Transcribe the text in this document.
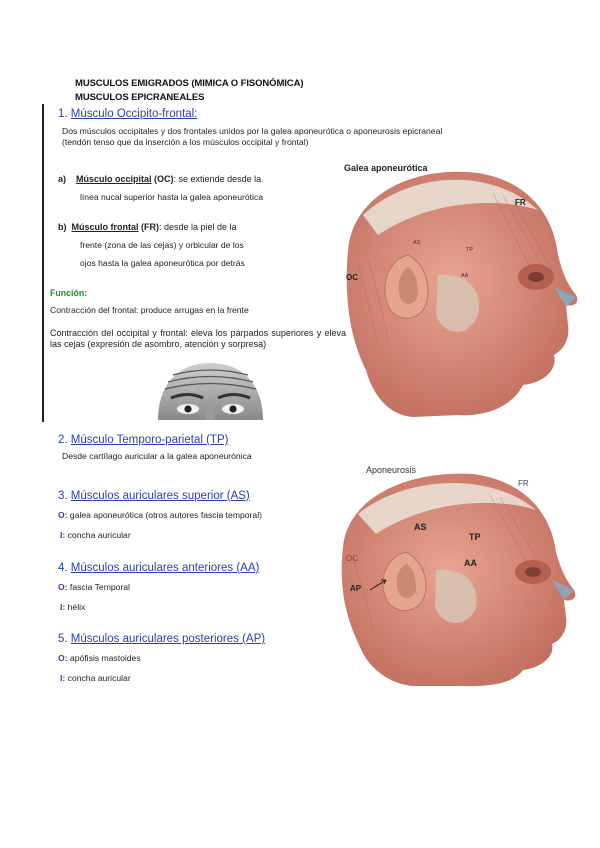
MUSCULOS EMIGRADOS (MIMICA O FISONÓMICA)
MUSCULOS EPICRANEALES
1. Músculo Occipito-frontal:
Dos músculos occipitales y dos frontales unidos por la galea aponeurótica o aponeurosis epicraneal
(tendón tenso que da inserción a los músculos occipital y frontal)
a) Músculo occipital (OC): se extiende desde la
línea nucal superior hasta la galea aponeurótica
b) Músculo frontal (FR): desde la piel de la
frente (zona de las cejas) y orbicular de los
ojos hasta la galea aponeurótica por detrás
Función:
Contracción del frontal: produce arrugas en la frente
Contracción del occipital y frontal: eleva los párpados superiores y eleva las cejas (expresión de asombro, atención y sorpresa)
Galea aponeurótica
FR
OC
AS
TP
AA
2. Músculo Temporo-parietal (TP)
Desde cartílago auricular a la galea aponeurónica
3. Músculos auriculares superior (AS)
O: galea aponeurótica (otros autores fascia temporal)
I: concha auricular
4. Músculos auriculares anteriores (AA)
O: fascia Temporal
I: hélix
5. Músculos auriculares posteriores (AP)
O: apófisis mastoides
I: concha auricular
Aponeurosis
FR
OC
AS
TP
AA
AP
